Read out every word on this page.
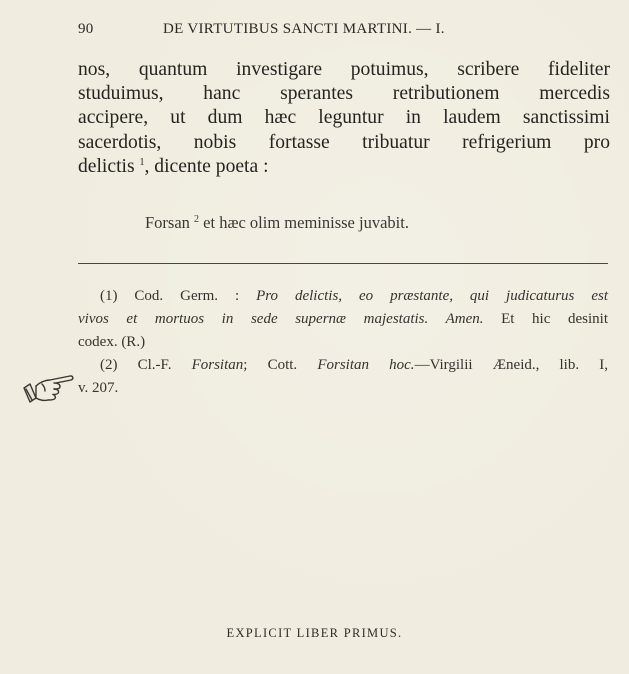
90	DE VIRTUTIBUS SANCTI MARTINI. — I.
nos, quantum investigare potuimus, scribere fideliter
studuimus, hanc sperantes retributionem mercedis
accipere, ut dum hæc leguntur in laudem sanctissimi
sacerdotis, nobis fortasse tribuatur refrigerium pro
delictis $^1$, dicente poeta :
Forsan $^2$ et hæc olim meminisse juvabit.
(1) Cod. Germ. : Pro delictis, eo præstante, qui judicaturus est
vivos et mortuos in sede supernæ majestatis. Amen. Et hic desinit
codex. (R.)
(2) Cl.-F. Forsitan; Cott. Forsitan hoc.—Virgilii Æneid., lib. I,
v. 207.
EXPLICIT LIBER PRIMUS.
